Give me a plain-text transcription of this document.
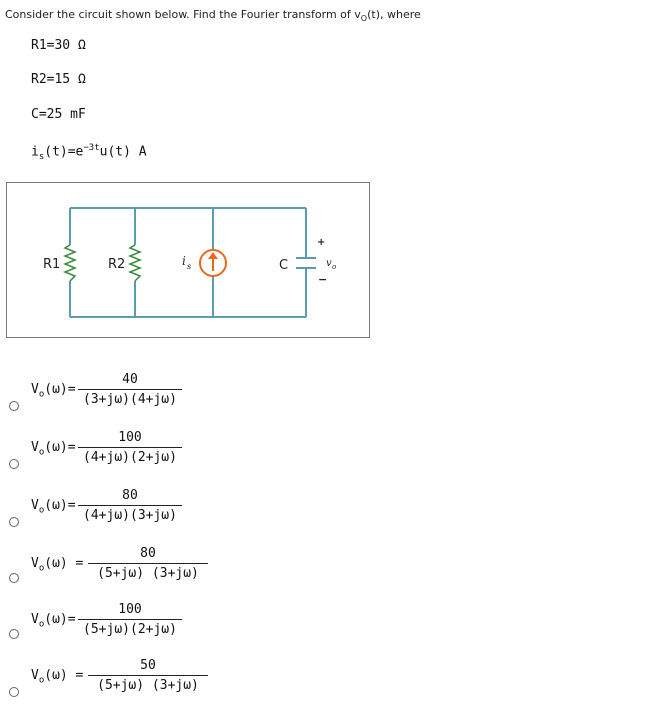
Consider the circuit shown below. Find the Fourier transform of $v_O(t)$, where
R1=30 Ω
R2=15 Ω
C=25 mF
$i_s(t)=e^{-3t}u(t)$ A
R1	R2	i s	C
+
−
v o
$V_o(\omega)= \frac{40}{(3+j\omega)(4+j\omega)}$
$V_o(\omega)= \frac{100}{(4+j\omega)(2+j\omega)}$
$V_o(\omega)= \frac{80}{(4+j\omega)(3+j\omega)}$
$V_o(\omega) = \frac{80}{(5+j\omega) (3+j\omega)}$
$V_o(\omega)= \frac{100}{(5+j\omega)(2+j\omega)}$
$V_o(\omega) = \frac{50}{(5+j\omega) (3+j\omega)}$
